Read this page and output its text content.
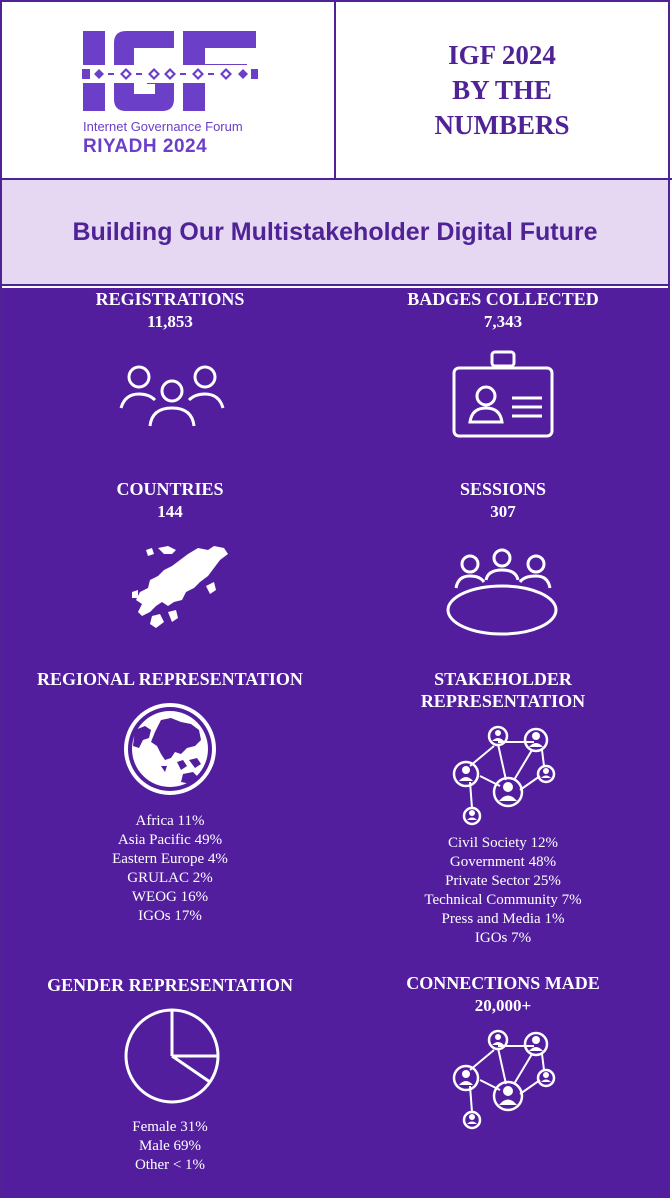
Internet Governance Forum
RIYADH 2024
IGF 2024
BY THE
NUMBERS
Building Our Multistakeholder Digital Future
REGISTRATIONS
11,853
BADGES COLLECTED
7,343
COUNTRIES
144
SESSIONS
307
REGIONAL REPRESENTATION
Africa 11%
Asia Pacific 49%
Eastern Europe 4%
GRULAC 2%
WEOG 16%
IGOs 17%
STAKEHOLDER
REPRESENTATION
Civil Society 12%
Government 48%
Private Sector 25%
Technical Community 7%
Press and Media 1%
IGOs 7%
GENDER REPRESENTATION
Female 31%
Male 69%
Other < 1%
CONNECTIONS MADE
20,000+
